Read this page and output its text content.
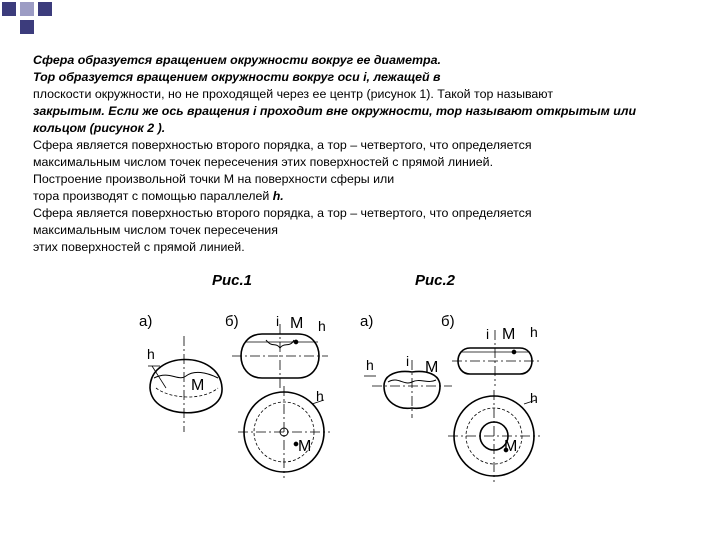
Сфера образуется вращением окружности вокруг ее диаметра.

Тор образуется вращением окружности вокруг оси i, лежащей в

плоскости окружности, но не проходящей через ее центр (рисунок 1). Такой тор называют

закрытым. Если же ось вращения i проходит вне окружности, тор называют открытым или

кольцом (рисунок 2 ).

Сфера является поверхностью второго порядка, а тор – четвертого, что определяется

максимальным числом точек пересечения этих поверхностей с прямой линией.

Построение произвольной точки М на поверхности сферы или

тора производят с помощью параллелей h.

Сфера является поверхностью второго порядка, а тор – четвертого, что определяется

максимальным числом точек пересечения

этих поверхностей с прямой линией.

Рис.1	Рис.2
а)	б)	а)	б)
h
M
i M h
h
M
h i M
i M h
h
M
